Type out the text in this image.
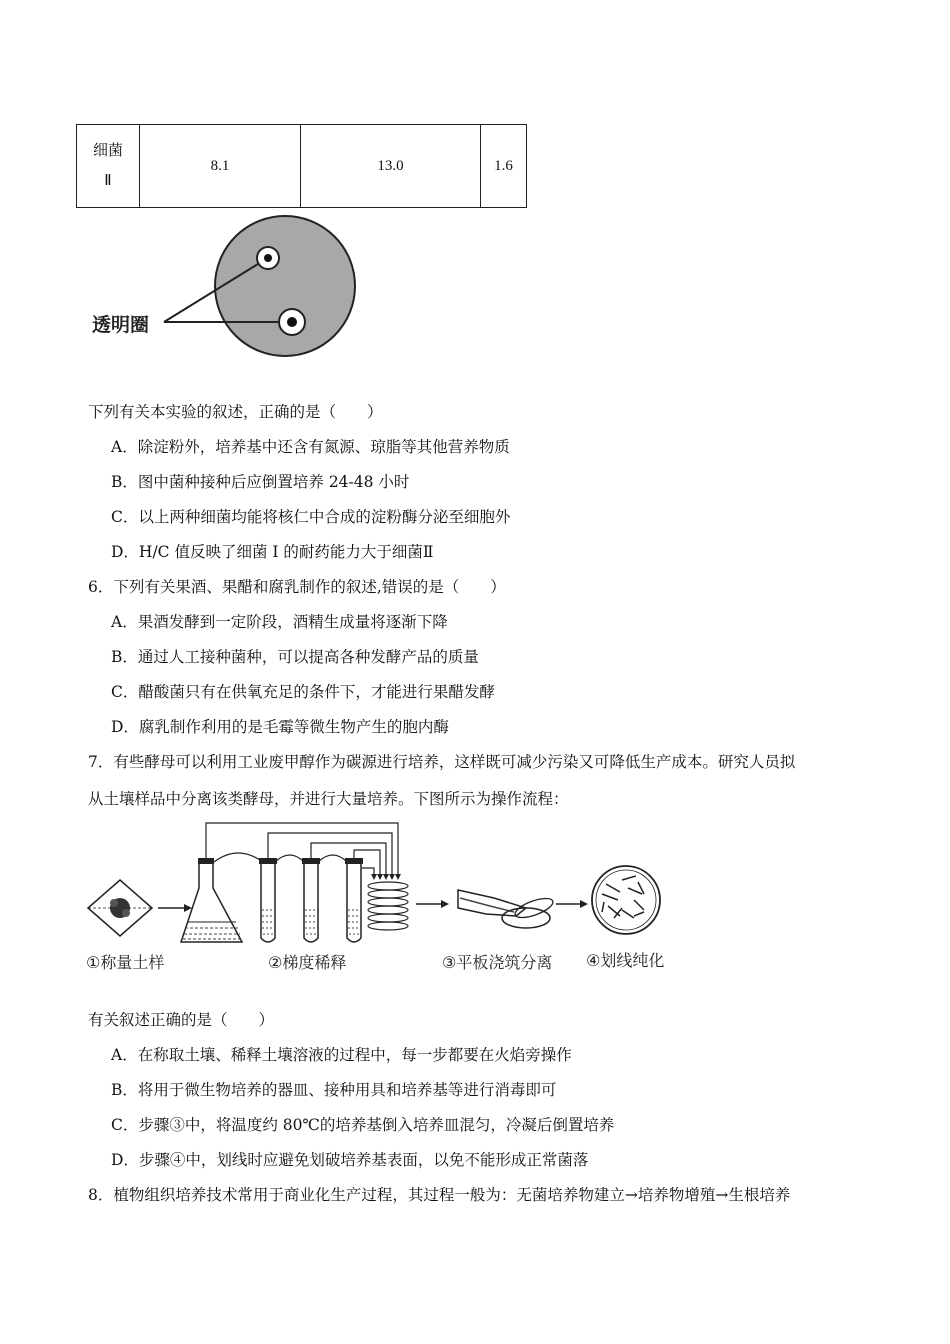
细菌
Ⅱ	8.1	13.0	1.6
透明圈
下列有关本实验的叙述，正确的是（　　）
A．除淀粉外，培养基中还含有氮源、琼脂等其他营养物质
B．图中菌种接种后应倒置培养 24-48 小时
C．以上两种细菌均能将核仁中合成的淀粉酶分泌至细胞外
D．H/C 值反映了细菌 I 的耐药能力大于细菌Ⅱ
6．下列有关果酒、果醋和腐乳制作的叙述,错误的是（　　）
A．果酒发酵到一定阶段，酒精生成量将逐渐下降
B．通过人工接种菌种，可以提高各种发酵产品的质量
C．醋酸菌只有在供氧充足的条件下，才能进行果醋发酵
D．腐乳制作利用的是毛霉等微生物产生的胞内酶
7．有些酵母可以利用工业废甲醇作为碳源进行培养，这样既可减少污染又可降低生产成本。研究人员拟
从土壤样品中分离该类酵母，并进行大量培养。下图所示为操作流程：
①称量土样	②梯度稀释	③平板浇筑分离 ④划线纯化
有关叙述正确的是（　　）
A．在称取土壤、稀释土壤溶液的过程中，每一步都要在火焰旁操作
B．将用于微生物培养的器皿、接种用具和培养基等进行消毒即可
C．步骤③中，将温度约 80℃的培养基倒入培养皿混匀，冷凝后倒置培养
D．步骤④中，划线时应避免划破培养基表面，以免不能形成正常菌落
8．植物组织培养技术常用于商业化生产过程，其过程一般为：无菌培养物建立→培养物增殖→生根培养
